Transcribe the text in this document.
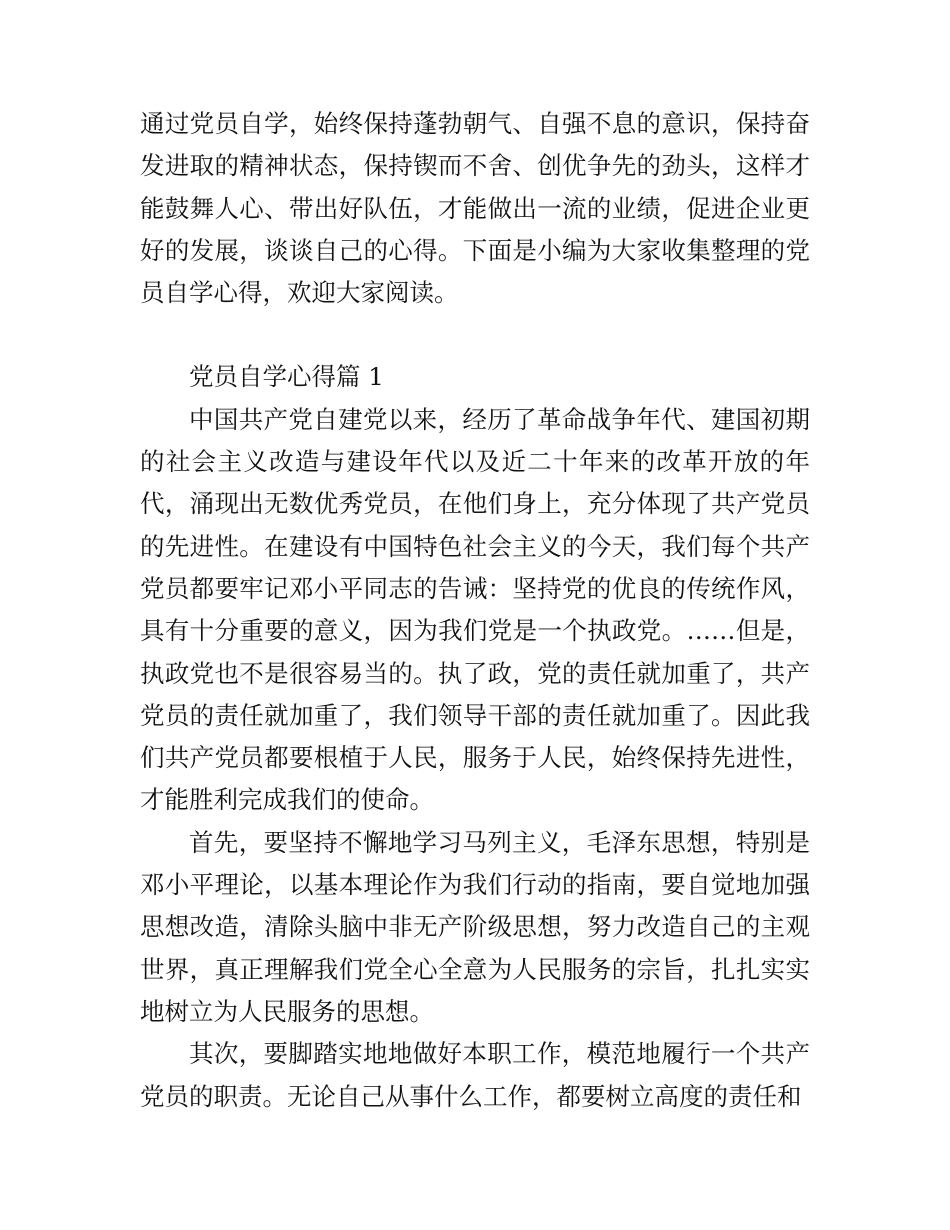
通过党员自学，始终保持蓬勃朝气、自强不息的意识，保持奋发进取的精神状态，保持锲而不舍、创优争先的劲头，这样才能鼓舞人心、带出好队伍，才能做出一流的业绩，促进企业更好的发展，谈谈自己的心得。下面是小编为大家收集整理的党员自学心得，欢迎大家阅读。

党员自学心得篇 1

中国共产党自建党以来，经历了革命战争年代、建国初期的社会主义改造与建设年代以及近二十年来的改革开放的年代，涌现出无数优秀党员，在他们身上，充分体现了共产党员的先进性。在建设有中国特色社会主义的今天，我们每个共产党员都要牢记邓小平同志的告诫：坚持党的优良的传统作风，具有十分重要的意义，因为我们党是一个执政党。……但是，执政党也不是很容易当的。执了政，党的责任就加重了，共产党员的责任就加重了，我们领导干部的责任就加重了。因此我们共产党员都要根植于人民，服务于人民，始终保持先进性，才能胜利完成我们的使命。

首先，要坚持不懈地学习马列主义，毛泽东思想，特别是邓小平理论，以基本理论作为我们行动的指南，要自觉地加强思想改造，清除头脑中非无产阶级思想，努力改造自己的主观世界，真正理解我们党全心全意为人民服务的宗旨，扎扎实实地树立为人民服务的思想。

其次，要脚踏实地地做好本职工作，模范地履行一个共产党员的职责。无论自己从事什么工作，都要树立高度的责任和
